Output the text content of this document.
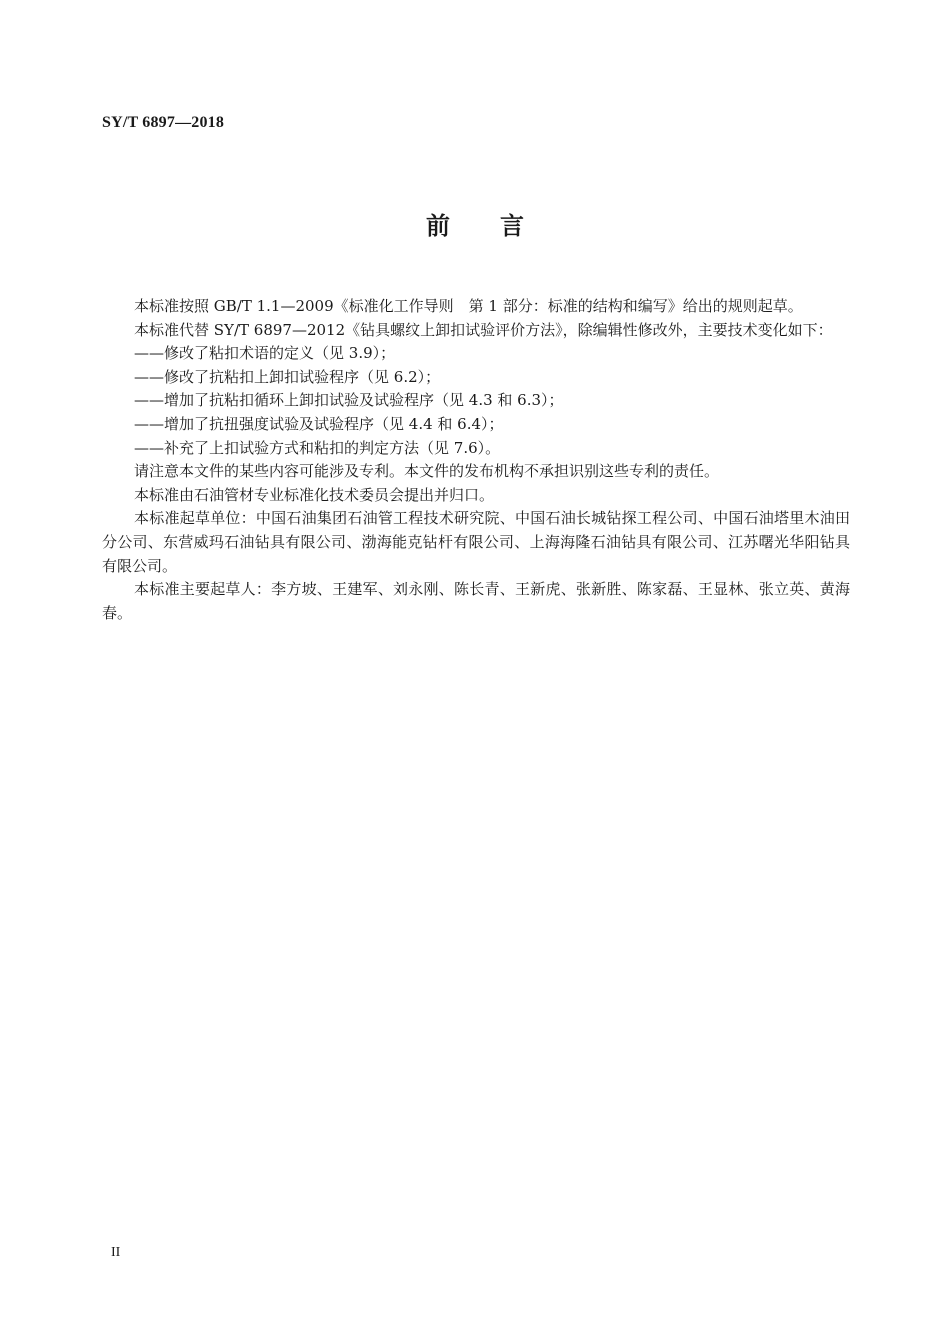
SY/T 6897—2018
前言

本标准按照 GB/T 1.1—2009《标准化工作导则　第 1 部分：标准的结构和编写》给出的规则起草。

本标准代替 SY/T 6897—2012《钻具螺纹上卸扣试验评价方法》，除编辑性修改外，主要技术变化如下：

——修改了粘扣术语的定义（见 3.9）；

——修改了抗粘扣上卸扣试验程序（见 6.2）；

——增加了抗粘扣循环上卸扣试验及试验程序（见 4.3 和 6.3）；

——增加了抗扭强度试验及试验程序（见 4.4 和 6.4）；

——补充了上扣试验方式和粘扣的判定方法（见 7.6）。

请注意本文件的某些内容可能涉及专利。本文件的发布机构不承担识别这些专利的责任。

本标准由石油管材专业标准化技术委员会提出并归口。

本标准起草单位：中国石油集团石油管工程技术研究院、中国石油长城钻探工程公司、中国石油塔里木油田分公司、东营威玛石油钻具有限公司、渤海能克钻杆有限公司、上海海隆石油钻具有限公司、江苏曙光华阳钻具有限公司。

本标准主要起草人：李方坡、王建军、刘永刚、陈长青、王新虎、张新胜、陈家磊、王显林、张立英、黄海春。

II
